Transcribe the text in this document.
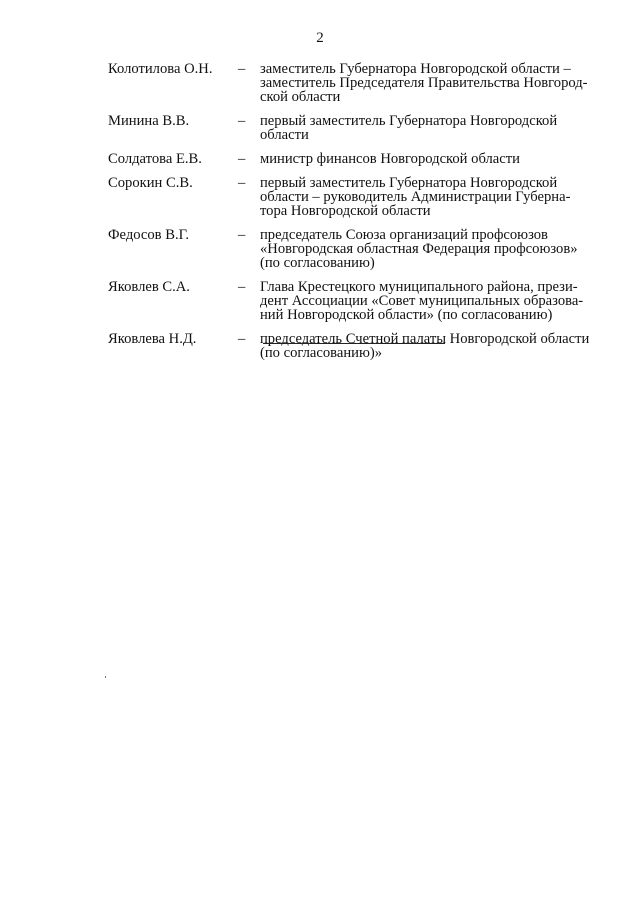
2
Колотилова О.Н.	–	заместитель Губернатора Новгородской области –
заместитель Председателя Правительства Новгород-
ской области
Минина В.В.	–	первый заместитель Губернатора Новгородской
области
Солдатова Е.В.	–	министр финансов Новгородской области
Сорокин С.В.	–	первый заместитель Губернатора Новгородской
области – руководитель Администрации Губерна-
тора Новгородской области
Федосов В.Г.	–	председатель Союза организаций профсоюзов
«Новгородская областная Федерация профсоюзов»
(по согласованию)
Яковлев С.А.	–	Глава Крестецкого муниципального района, прези-
дент Ассоциации «Совет муниципальных образова-
ний Новгородской области» (по согласованию)
Яковлева Н.Д.	–	председатель Счетной палаты Новгородской области
(по согласованию)»
